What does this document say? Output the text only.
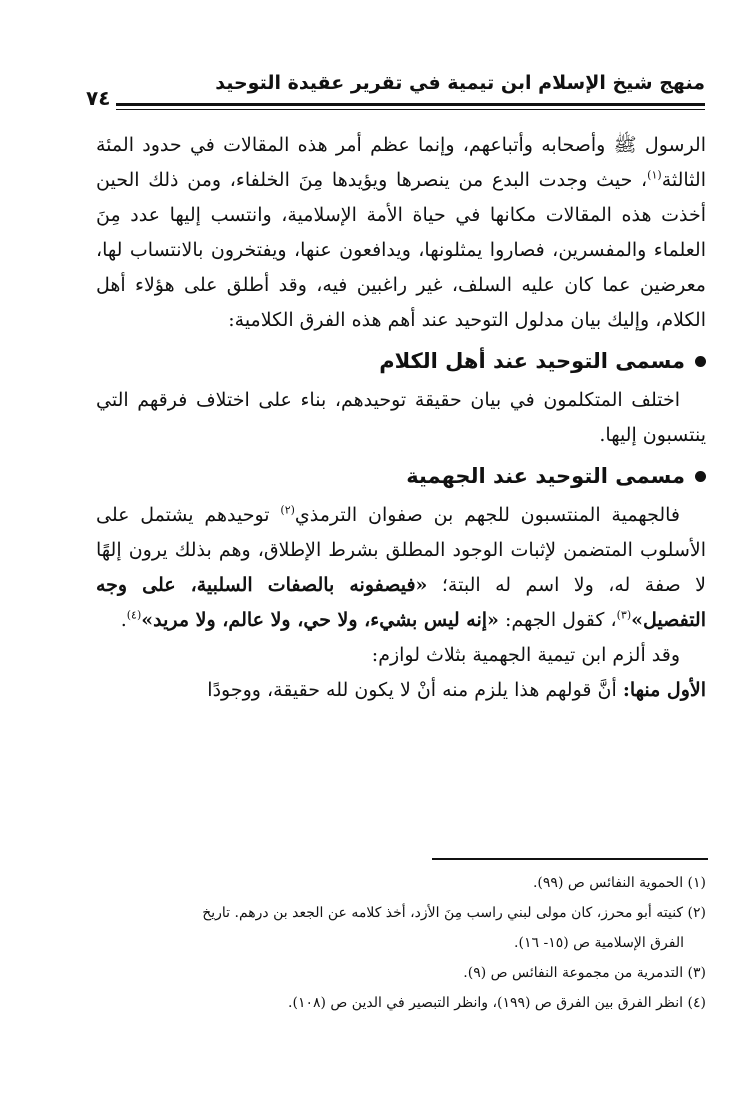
منهج شيخ الإسلام ابن تيمية في تقرير عقيدة التوحيد
٧٤

الرسول ﷺ وأصحابه وأتباعهم، وإنما عظم أمر هذه المقالات في حدود المئة الثالثة$^{(١)}$، حيث وجدت البدع من ينصرها ويؤيدها مِنَ الخلفاء، ومن ذلك الحين أخذت هذه المقالات مكانها في حياة الأمة الإسلامية، وانتسب إليها عدد مِنَ العلماء والمفسرين، فصاروا يمثلونها، ويدافعون عنها، ويفتخرون بالانتساب لها، معرضين عما كان عليه السلف، غير راغبين فيه، وقد أطلق على هؤلاء أهل الكلام، وإليك بيان مدلول التوحيد عند أهم هذه الفرق الكلامية:

مسمى التوحيد عند أهل الكلام

اختلف المتكلمون في بيان حقيقة توحيدهم، بناء على اختلاف فرقهم التي ينتسبون إليها.

مسمى التوحيد عند الجهمية

فالجهمية المنتسبون للجهم بن صفوان الترمذي$^{(٢)}$ توحيدهم يشتمل على الأسلوب المتضمن لإثبات الوجود المطلق بشرط الإطلاق، وهم بذلك يرون إلهًا لا صفة له، ولا اسم له البتة؛ «فيصفونه بالصفات السلبية، على وجه التفصيل»$^{(٣)}$، كقول الجهم: «إنه ليس بشيء، ولا حي، ولا عالم، ولا مريد»$^{(٤)}$.

وقد ألزم ابن تيمية الجهمية بثلاث لوازم:

الأول منها: أنَّ قولهم هذا يلزم منه أنْ لا يكون لله حقيقة، ووجودًا

(١) الحموية النفائس ص (٩٩).

(٢) كنيته أبو محرز، كان مولى لبني راسب مِنَ الأزد، أخذ كلامه عن الجعد بن درهم. تاريخ

الفرق الإسلامية ص (١٥- ١٦).

(٣) التدمرية من مجموعة النفائس ص (٩).

(٤) انظر الفرق بين الفرق ص (١٩٩)، وانظر التبصير في الدين ص (١٠٨).
